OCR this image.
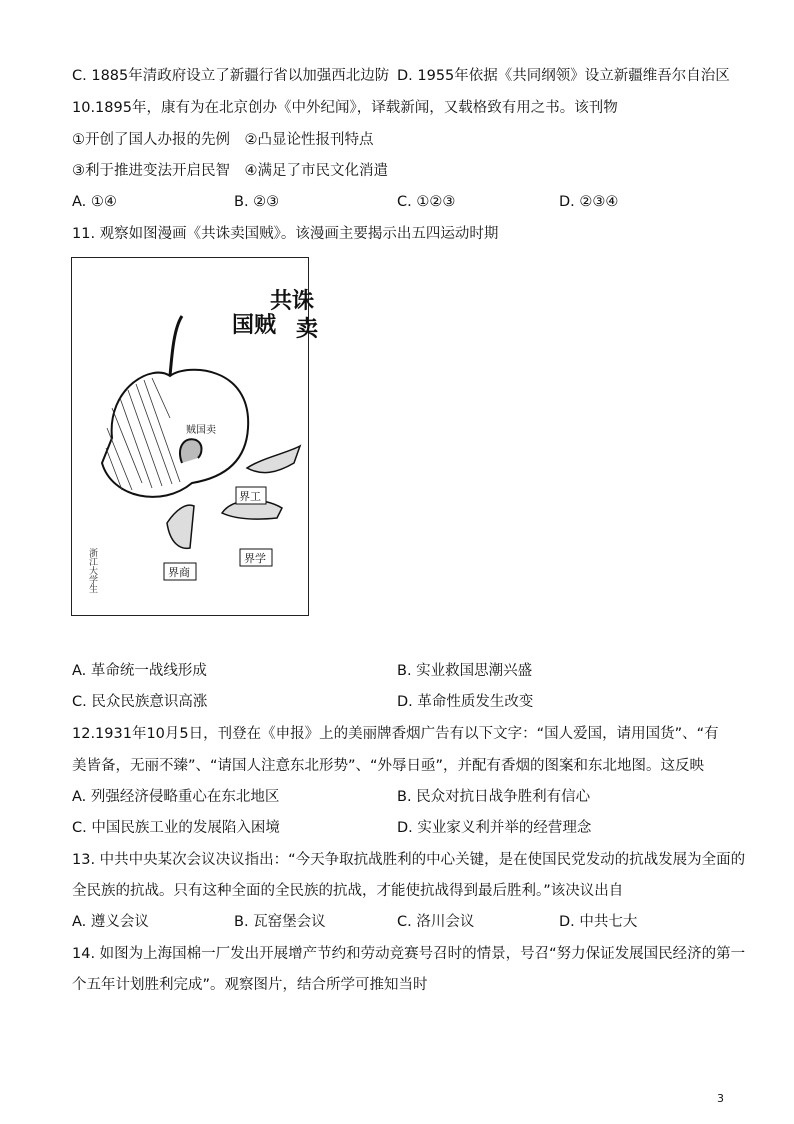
C. 1885年清政府设立了新疆行省以加强西北边防 D. 1955年依据《共同纲领》设立新疆维吾尔自治区
10.1895年，康有为在北京创办《中外纪闻》，译载新闻，又载格致有用之书。该刊物
①开创了国人办报的先例　②凸显论性报刊特点
③利于推进变法开启民智　④满足了市民文化消遣
A. ①④	B. ②③	C. ①②③	D. ②③④
11. 观察如图漫画《共诛卖国贼》。该漫画主要揭示出五四运动时期
共诛
卖
国贼
贼国卖
界工
界学
界商
浙江大学生
A. 革命统一战线形成	B. 实业救国思潮兴盛
C. 民众民族意识高涨	D. 革命性质发生改变
12.1931年10月5日，刊登在《申报》上的美丽牌香烟广告有以下文字：“国人爱国，请用国货”、“有
美皆备，无丽不臻”、“请国人注意东北形势”、“外辱日亟”，并配有香烟的图案和东北地图。这反映
A. 列强经济侵略重心在东北地区	B. 民众对抗日战争胜利有信心
C. 中国民族工业的发展陷入困境	D. 实业家义利并举的经营理念
13. 中共中央某次会议决议指出：“今天争取抗战胜利的中心关键，是在使国民党发动的抗战发展为全面的
全民族的抗战。只有这种全面的全民族的抗战，才能使抗战得到最后胜利。”该决议出自
A. 遵义会议	B. 瓦窑堡会议	C. 洛川会议	D. 中共七大
14. 如图为上海国棉一厂发出开展增产节约和劳动竞赛号召时的情景，号召“努力保证发展国民经济的第一
个五年计划胜利完成”。观察图片，结合所学可推知当时
3
